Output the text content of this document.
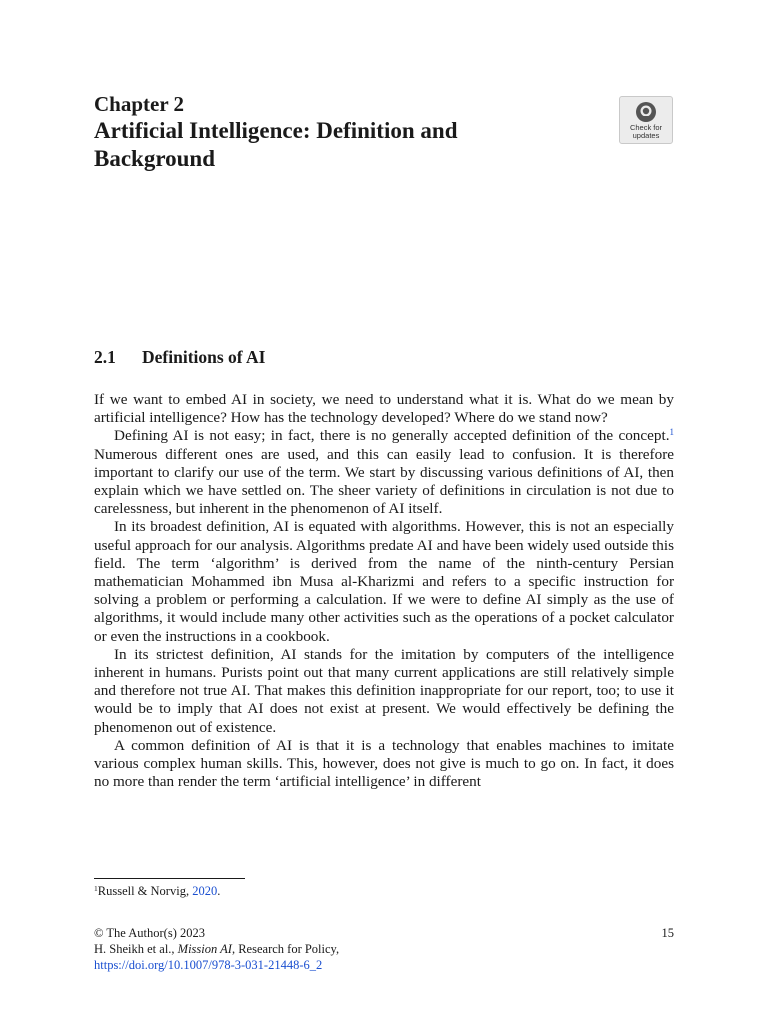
Chapter 2
Artificial Intelligence: Definition and Background
Check for
updates
2.1 Definitions of AI

If we want to embed AI in society, we need to understand what it is. What do we mean by artificial intelligence? How has the technology developed? Where do we stand now?

Defining AI is not easy; in fact, there is no generally accepted definition of the concept.$^1$ Numerous different ones are used, and this can easily lead to confusion. It is therefore important to clarify our use of the term. We start by discussing various definitions of AI, then explain which we have settled on. The sheer variety of definitions in circulation is not due to carelessness, but inherent in the phenomenon of AI itself.

In its broadest definition, AI is equated with algorithms. However, this is not an especially useful approach for our analysis. Algorithms predate AI and have been widely used outside this field. The term ‘algorithm’ is derived from the name of the ninth-century Persian mathematician Mohammed ibn Musa al-Kharizmi and refers to a specific instruction for solving a problem or performing a calculation. If we were to define AI simply as the use of algorithms, it would include many other activities such as the operations of a pocket calculator or even the instructions in a cookbook.

In its strictest definition, AI stands for the imitation by computers of the intelligence inherent in humans. Purists point out that many current applications are still relatively simple and therefore not true AI. That makes this definition inappropriate for our report, too; to use it would be to imply that AI does not exist at present. We would effectively be defining the phenomenon out of existence.

A common definition of AI is that it is a technology that enables machines to imitate various complex human skills. This, however, does not give is much to go on. In fact, it does no more than render the term ‘artificial intelligence’ in different

$^1$Russell & Norvig, 2020.
© The Author(s) 2023
H. Sheikh et al., Mission AI, Research for Policy,
https://doi.org/10.1007/978-3-031-21448-6_2
15
